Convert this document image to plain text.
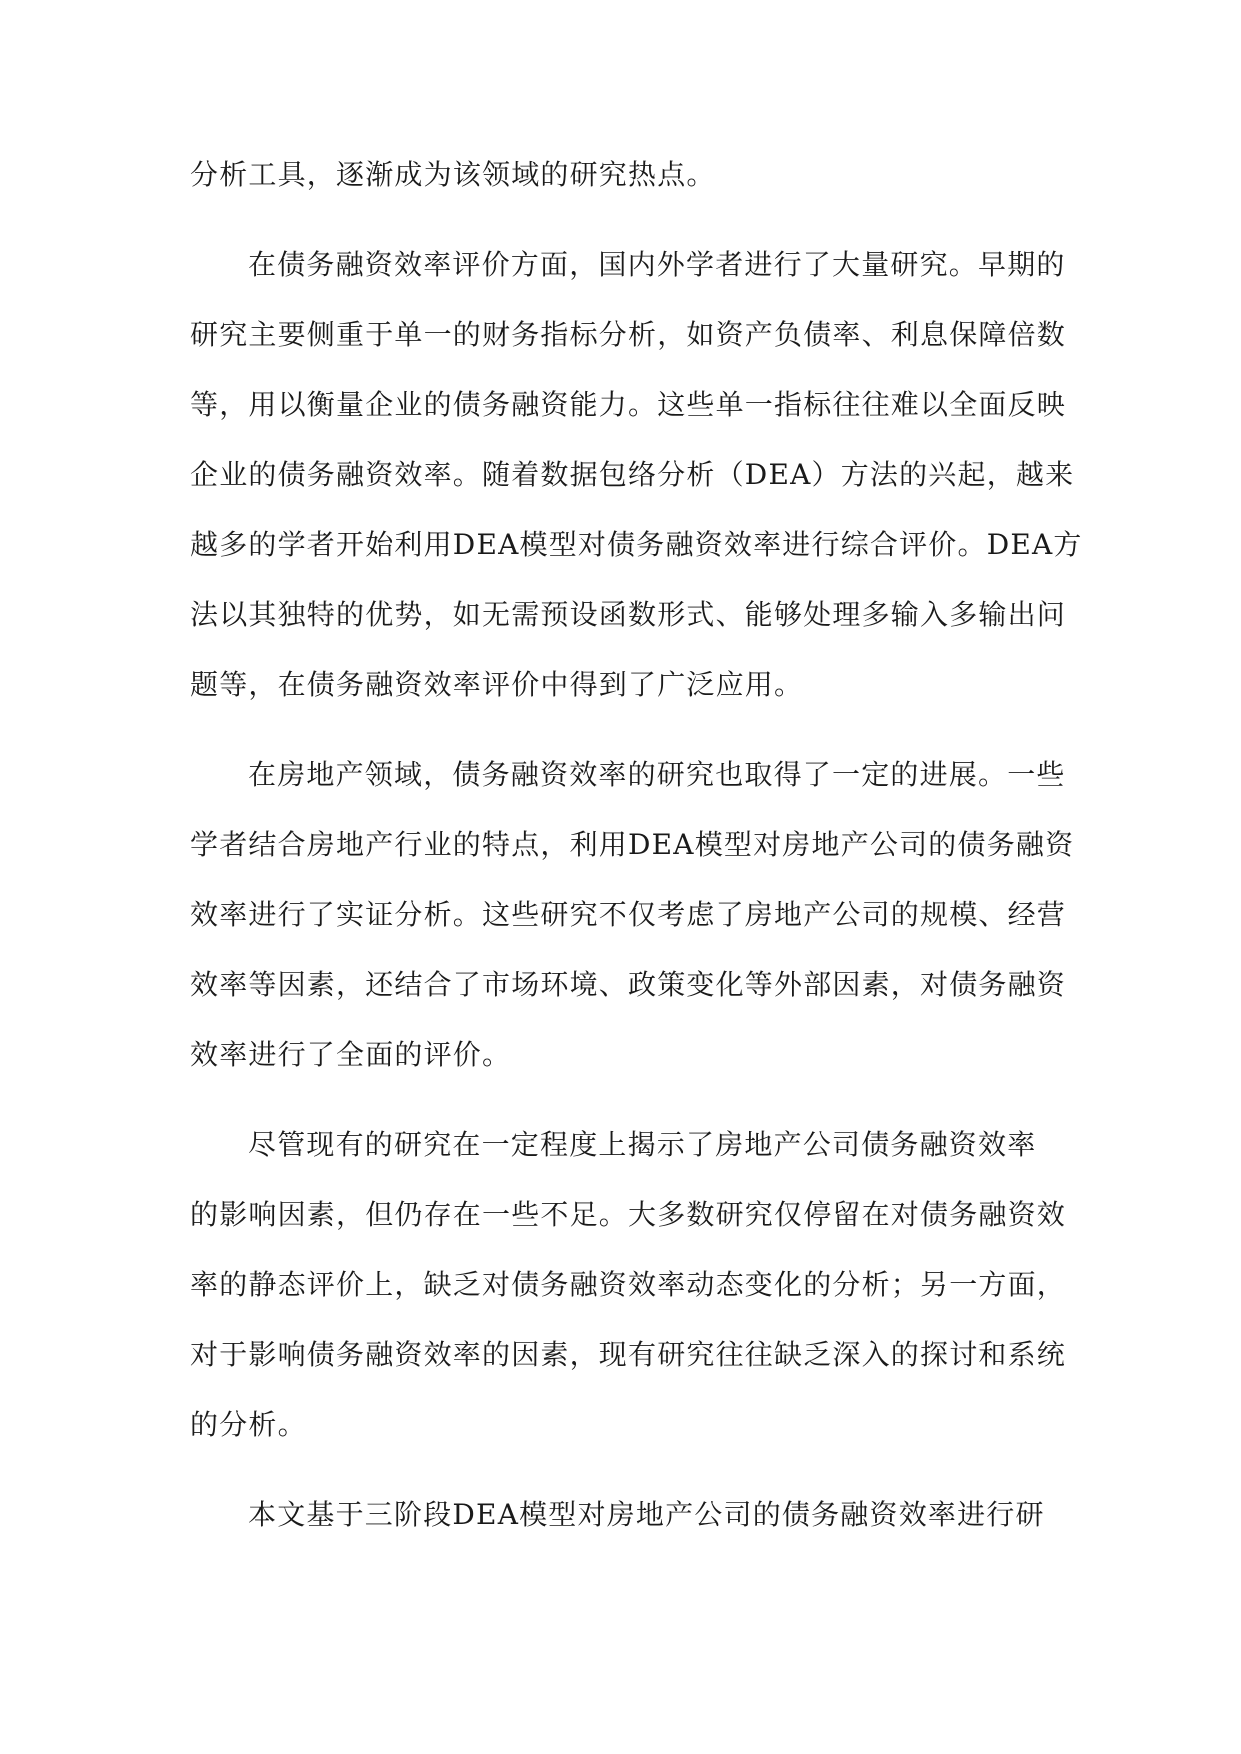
分析工具，逐渐成为该领域的研究热点。
在债务融资效率评价方面，国内外学者进行了大量研究。早期的
研究主要侧重于单一的财务指标分析，如资产负债率、利息保障倍数
等，用以衡量企业的债务融资能力。这些单一指标往往难以全面反映
企业的债务融资效率。随着数据包络分析（DEA）方法的兴起，越来
越多的学者开始利用DEA模型对债务融资效率进行综合评价。DEA方
法以其独特的优势，如无需预设函数形式、能够处理多输入多输出问
题等，在债务融资效率评价中得到了广泛应用。
在房地产领域，债务融资效率的研究也取得了一定的进展。一些
学者结合房地产行业的特点，利用DEA模型对房地产公司的债务融资
效率进行了实证分析。这些研究不仅考虑了房地产公司的规模、经营
效率等因素，还结合了市场环境、政策变化等外部因素，对债务融资
效率进行了全面的评价。
尽管现有的研究在一定程度上揭示了房地产公司债务融资效率
的影响因素，但仍存在一些不足。大多数研究仅停留在对债务融资效
率的静态评价上，缺乏对债务融资效率动态变化的分析；另一方面，
对于影响债务融资效率的因素，现有研究往往缺乏深入的探讨和系统
的分析。
本文基于三阶段DEA模型对房地产公司的债务融资效率进行研
